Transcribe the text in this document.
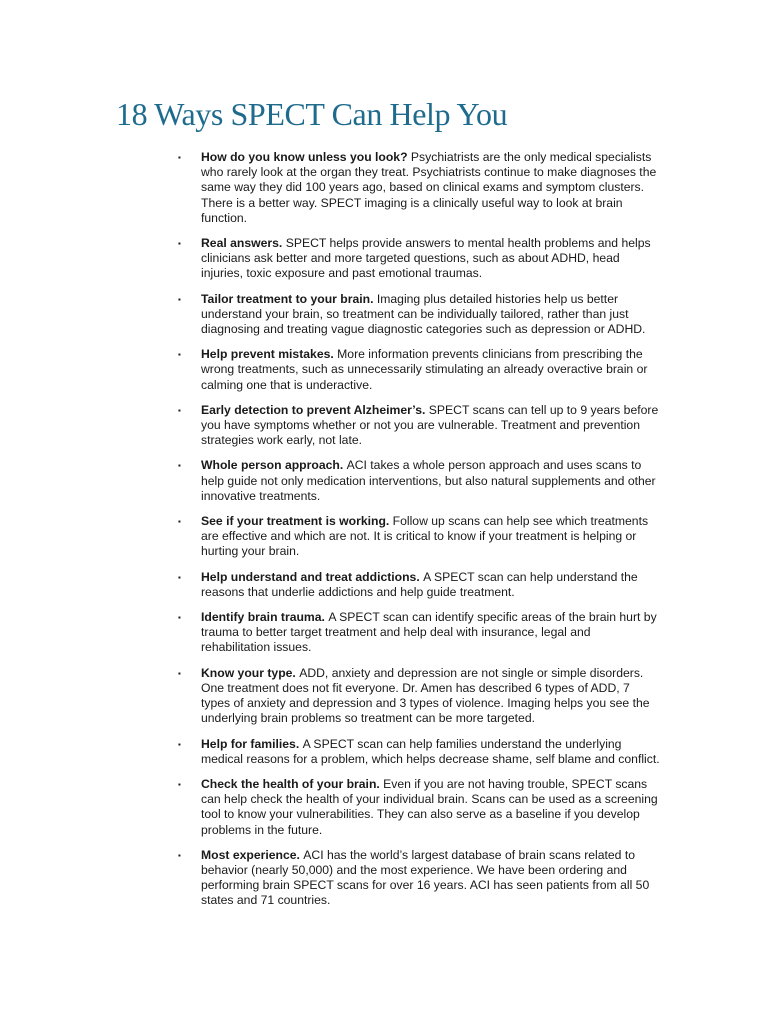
18 Ways SPECT Can Help You
▪ How do you know unless you look? Psychiatrists are the only medical specialists who rarely look at the organ they treat. Psychiatrists continue to make diagnoses the same way they did 100 years ago, based on clinical exams and symptom clusters. There is a better way. SPECT imaging is a clinically useful way to look at brain function.
▪ Real answers. SPECT helps provide answers to mental health problems and helps clinicians ask better and more targeted questions, such as about ADHD, head injuries, toxic exposure and past emotional traumas.
▪ Tailor treatment to your brain. Imaging plus detailed histories help us better understand your brain, so treatment can be individually tailored, rather than just diagnosing and treating vague diagnostic categories such as depression or ADHD.
▪ Help prevent mistakes. More information prevents clinicians from prescribing the wrong treatments, such as unnecessarily stimulating an already overactive brain or calming one that is underactive.
▪ Early detection to prevent Alzheimer’s. SPECT scans can tell up to 9 years before you have symptoms whether or not you are vulnerable. Treatment and prevention strategies work early, not late.
▪ Whole person approach. ACI takes a whole person approach and uses scans to help guide not only medication interventions, but also natural supplements and other innovative treatments.
▪ See if your treatment is working. Follow up scans can help see which treatments are effective and which are not. It is critical to know if your treatment is helping or hurting your brain.
▪ Help understand and treat addictions. A SPECT scan can help understand the reasons that underlie addictions and help guide treatment.
▪ Identify brain trauma. A SPECT scan can identify specific areas of the brain hurt by trauma to better target treatment and help deal with insurance, legal and rehabilitation issues.
▪ Know your type. ADD, anxiety and depression are not single or simple disorders. One treatment does not fit everyone. Dr. Amen has described 6 types of ADD, 7 types of anxiety and depression and 3 types of violence. Imaging helps you see the underlying brain problems so treatment can be more targeted.
▪ Help for families. A SPECT scan can help families understand the underlying medical reasons for a problem, which helps decrease shame, self blame and conflict.
▪ Check the health of your brain. Even if you are not having trouble, SPECT scans can help check the health of your individual brain. Scans can be used as a screening tool to know your vulnerabilities. They can also serve as a baseline if you develop problems in the future.
▪ Most experience. ACI has the world’s largest database of brain scans related to behavior (nearly 50,000) and the most experience. We have been ordering and performing brain SPECT scans for over 16 years. ACI has seen patients from all 50 states and 71 countries.
